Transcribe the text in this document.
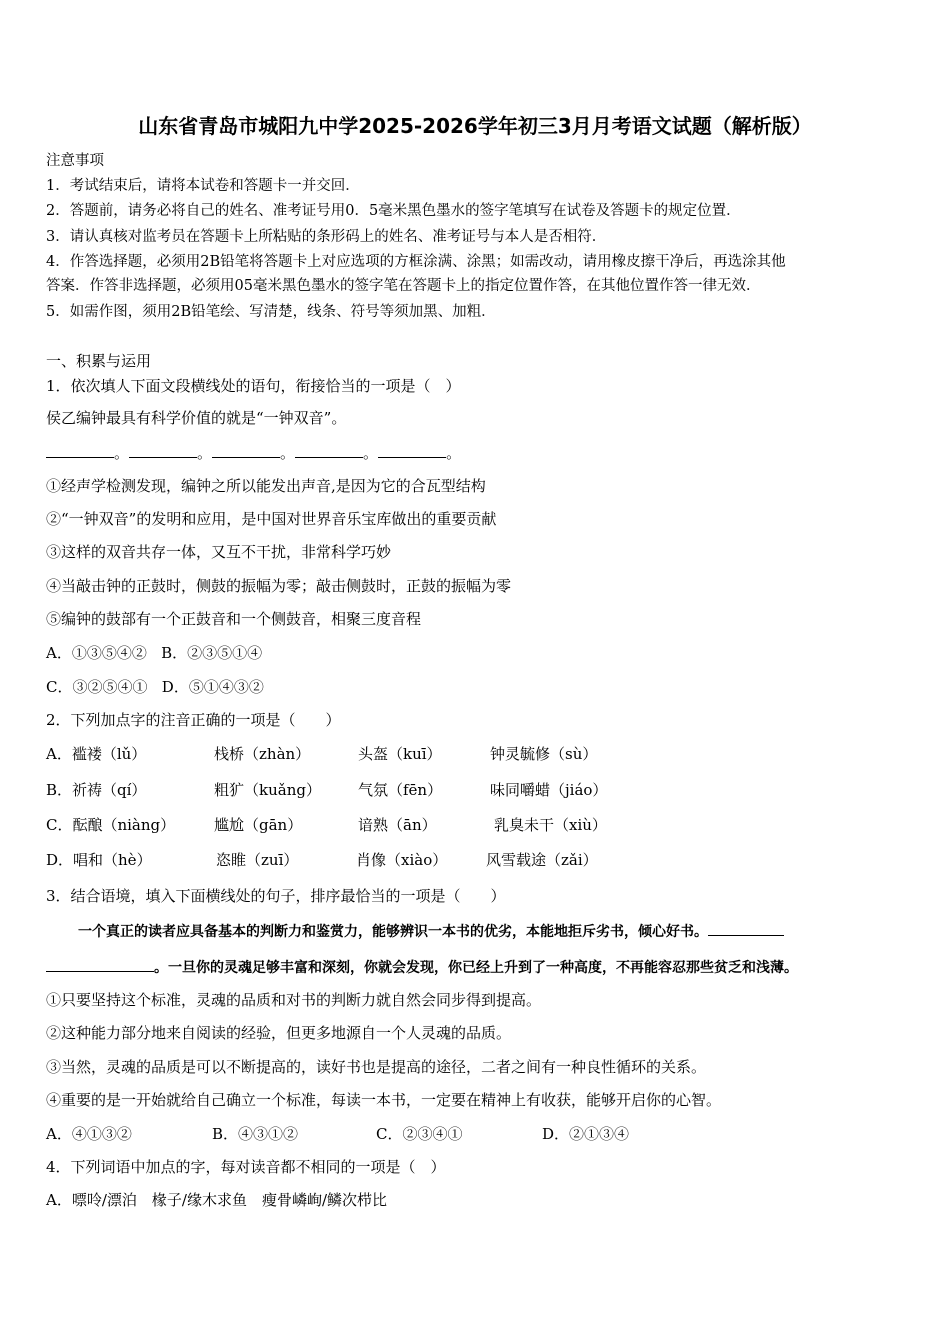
山东省青岛市城阳九中学2025-2026学年初三3月月考语文试题（解析版）
注意事项
1．考试结束后，请将本试卷和答题卡一并交回．
2．答题前，请务必将自己的姓名、准考证号用0．5毫米黑色墨水的签字笔填写在试卷及答题卡的规定位置．
3．请认真核对监考员在答题卡上所粘贴的条形码上的姓名、准考证号与本人是否相符．
4．作答选择题，必须用2B铅笔将答题卡上对应选项的方框涂满、涂黑；如需改动，请用橡皮擦干净后，再选涂其他
答案．作答非选择题，必须用05毫米黑色墨水的签字笔在答题卡上的指定位置作答，在其他位置作答一律无效．
5．如需作图，须用2B铅笔绘、写清楚，线条、符号等须加黑、加粗．
一、积累与运用
1．依次填人下面文段横线处的语句，衔接恰当的一项是（　）
侯乙编钟最具有科学价值的就是“一钟双音”。
。	。	。	。	。
①经声学检测发现，编钟之所以能发出声音,是因为它的合瓦型结构
②“一钟双音”的发明和应用，是中国对世界音乐宝库做出的重要贡献
③这样的双音共存一体，又互不干扰，非常科学巧妙
④当敲击钟的正鼓时，侧鼓的振幅为零；敲击侧鼓时，正鼓的振幅为零
⑤编钟的鼓部有一个正鼓音和一个侧鼓音，相聚三度音程
A．①③⑤④② B．②③⑤①④
C．③②⑤④① D．⑤①④③②
2．下列加点字的注音正确的一项是（　　）
A．褴褛（lǔ）	栈桥（zhàn）	头盔（kuī）	钟灵毓修（sù）
B．祈祷（qí）	粗犷（kuǎng） 气氛（fēn）	味同嚼蜡（jiáo）
C．酝酿（niàng）	尴尬（gān）	谙熟（ān）	乳臭未干（xiù）
D．唱和（hè）	恣睢（zuī）	肖像（xiào）	风雪载途（zǎi）
3．结合语境，填入下面横线处的句子，排序最恰当的一项是（　　）
一个真正的读者应具备基本的判断力和鉴赏力，能够辨识一本书的优劣，本能地拒斥劣书，倾心好书。
。一旦你的灵魂足够丰富和深刻，你就会发现，你已经上升到了一种高度，不再能容忍那些贫乏和浅薄。
①只要坚持这个标准，灵魂的品质和对书的判断力就自然会同步得到提高。
②这种能力部分地来自阅读的经验，但更多地源自一个人灵魂的品质。
③当然，灵魂的品质是可以不断提高的，读好书也是提高的途径，二者之间有一种良性循环的关系。
④重要的是一开始就给自己确立一个标准，每读一本书，一定要在精神上有收获，能够开启你的心智。
A．④①③②	B．④③①②	C．②③④①	D．②①③④
4．下列词语中加点的字，每对读音都不相同的一项是（　）
A．嘌呤/漂泊　椽子/缘木求鱼　瘦骨嶙峋/鳞次栉比
